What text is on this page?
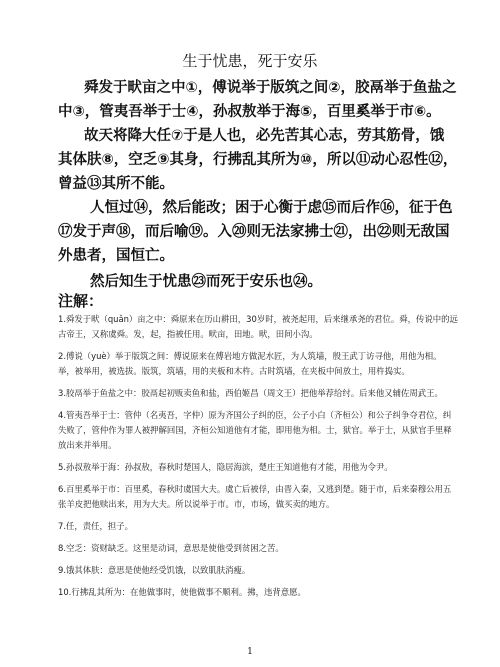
生于忧患，死于安乐
舜发于畎亩之中①，傅说举于版筑之间②，胶鬲举于鱼盐之中③，管夷吾举于士④，孙叔敖举于海⑤，百里奚举于市⑥。
故天将降大任⑦于是人也，必先苦其心志，劳其筋骨，饿其体肤⑧，空乏⑨其身，行拂乱其所为⑩，所以⑪动心忍性⑫，曾益⑬其所不能。
人恒过⑭，然后能改；困于心衡于虑⑮而后作⑯，征于色⑰发于声⑱，而后喻⑲。入⑳则无法家拂士㉑，出㉒则无敌国外患者，国恒亡。
然后知生于忧患㉓而死于安乐也㉔。
注解：
1.舜发于畎（quǎn）亩之中：舜原来在历山耕田，30岁时，被尧起用，后来继承尧的君位。舜，传说中的远古帝王，又称虞舜。发，起，指被任用。畎亩，田地。畎，田间小沟。
2.傅说（yuè）举于版筑之间：傅说原来在傅岩地方做泥水匠，为人筑墙，殷王武丁访寻他，用他为相。举，被举用，被选拔。版筑，筑墙，用的夹板和木杵。古时筑墙，在夹板中间放土，用杵捣实。
3.胶鬲举于鱼盐之中：胶鬲起初贩卖鱼和盐，西伯姬昌（周文王）把他举荐给纣。后来他又辅佐周武王。
4.管夷吾举于士：管仲（名夷吾，字仲）原为齐国公子纠的臣，公子小白（齐桓公）和公子纠争夺君位，纠失败了，管仲作为罪人被押解回国，齐桓公知道他有才能，即用他为相。士，狱官。举于士，从狱官手里释放出来并举用。
5.孙叔敖举于海：孙叔敖，春秋时楚国人，隐居海滨，楚庄王知道他有才能，用他为令尹。
6.百里奚举于市：百里奚，春秋时虞国大夫。虞亡后被俘，由晋入秦，又逃到楚。随于市，后来秦穆公用五张羊皮把他赎出来，用为大夫。所以说举于市。市，市场，做买卖的地方。
7.任，责任，担子。
8.空乏：资财缺乏。这里是动词，意思是使他受到贫困之苦。
9.饿其体肤：意思是使他经受饥饿，以致肌肤消瘦。
10.行拂乱其所为：在他做事时，使他做事不顺利。拂，违背意愿。
1
